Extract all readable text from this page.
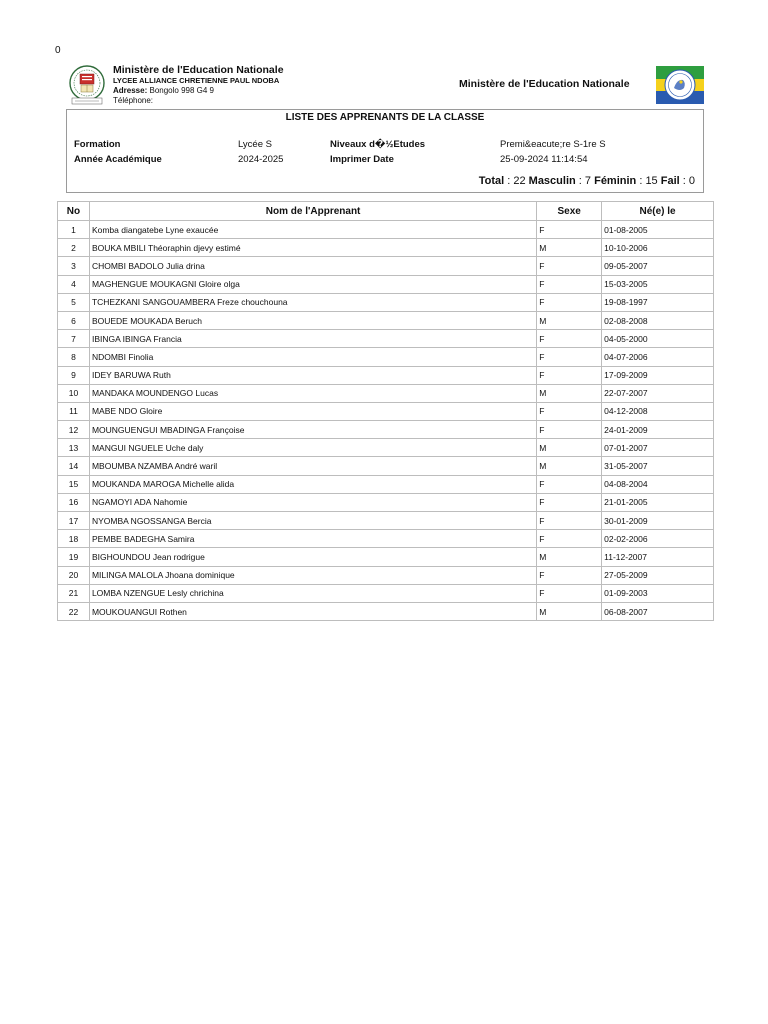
0
Ministère de l'Education Nationale
LYCEE ALLIANCE CHRETIENNE PAUL NDOBA
Adresse: Bongolo 998 G4 9
Téléphone:
Ministère de l'Education Nationale
LISTE DES APPRENANTS DE LA CLASSE
Formation	Lycée S	Niveaux d�½Etudes	Premi&eacute;re S-1re S
Année Académique	2024-2025	Imprimer Date	25-09-2024 11:14:54
Total : 22 Masculin : 7 Féminin : 15 Fail : 0
No	Nom de l'Apprenant	Sexe	Né(e) le
1	Komba diangatebe Lyne exaucée	F	01-08-2005
2	BOUKA MBILI Théoraphin djevy estimé	M	10-10-2006
3	CHOMBI BADOLO Julia drina	F	09-05-2007
4	MAGHENGUE MOUKAGNI Gloire olga	F	15-03-2005
5	TCHEZKANI SANGOUAMBERA Freze chouchouna	F	19-08-1997
6	BOUEDE MOUKADA Beruch	M	02-08-2008
7	IBINGA IBINGA Francia	F	04-05-2000
8	NDOMBI Finolia	F	04-07-2006
9	IDEY BARUWA Ruth	F	17-09-2009
10	MANDAKA MOUNDENGO Lucas	M	22-07-2007
11	MABE NDO Gloire	F	04-12-2008
12	MOUNGUENGUI MBADINGA Françoise	F	24-01-2009
13	MANGUI NGUELE Uche daly	M	07-01-2007
14	MBOUMBA NZAMBA André waril	M	31-05-2007
15	MOUKANDA MAROGA Michelle alida	F	04-08-2004
16	NGAMOYI ADA Nahomie	F	21-01-2005
17	NYOMBA NGOSSANGA Bercia	F	30-01-2009
18	PEMBE BADEGHA Samira	F	02-02-2006
19	BIGHOUNDOU Jean rodrigue	M	11-12-2007
20	MILINGA MALOLA Jhoana dominique	F	27-05-2009
21	LOMBA NZENGUE Lesly chrichina	F	01-09-2003
22	MOUKOUANGUI Rothen	M	06-08-2007
